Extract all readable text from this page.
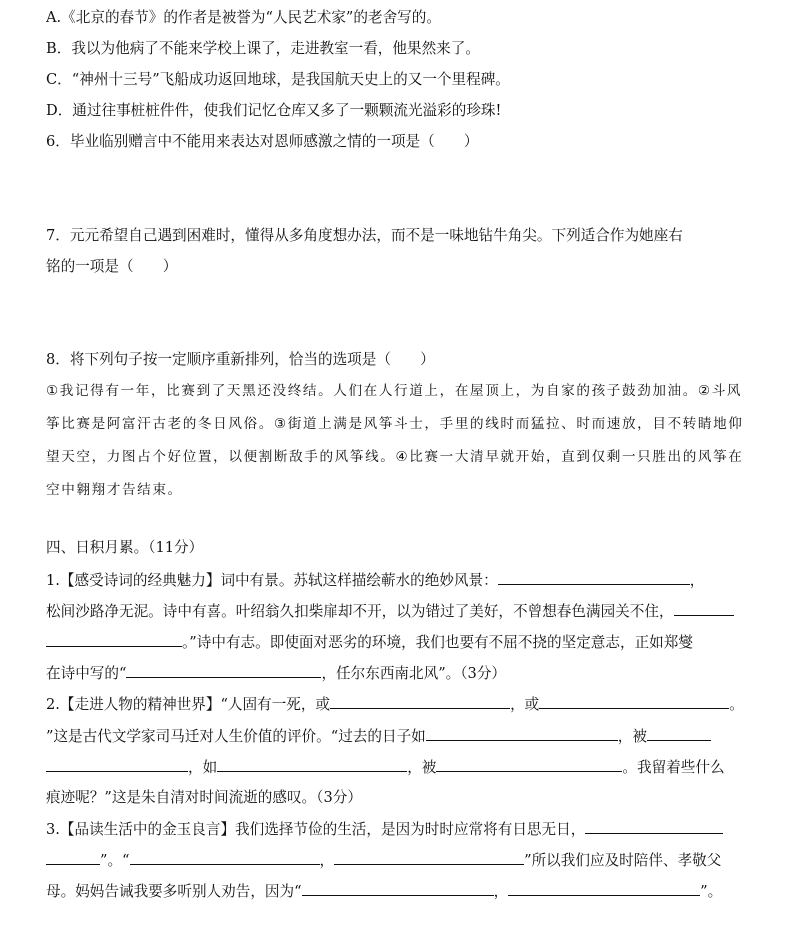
A.《北京的春节》的作者是被誉为“人民艺术家”的老舍写的。
B．我以为他病了不能来学校上课了，走进教室一看，他果然来了。
C．“神州十三号”飞船成功返回地球，是我国航天史上的又一个里程碑。
D．通过往事桩桩件件，使我们记忆仓库又多了一颗颗流光溢彩的珍珠!
6．毕业临别赠言中不能用来表达对恩师感激之情的一项是（　　）
7．元元希望自己遇到困难时，懂得从多角度想办法，而不是一味地钻牛角尖。下列适合作为她座右
铭的一项是（　　）
8．将下列句子按一定顺序重新排列，恰当的选项是（　　）
①我记得有一年，比赛到了天黑还没终结。人们在人行道上，在屋顶上，为自家的孩子鼓劲加油。②斗风筝比赛是阿富汗古老的冬日风俗。③街道上满是风筝斗士，手里的线时而猛拉、时而速放，目不转睛地仰望天空，力图占个好位置，以便割断敌手的风筝线。④比赛一大清早就开始，直到仅剩一只胜出的风筝在空中翱翔才告结束。
四、日积月累。（11分）
1.【感受诗词的经典魅力】词中有景。苏轼这样描绘蕲水的绝妙风景：	，
松间沙路净无泥。诗中有喜。叶绍翁久扣柴扉却不开，以为错过了美好，不曾想春色满园关不住，
。”诗中有志。即使面对恶劣的环境，我们也要有不屈不挠的坚定意志，正如郑燮
在诗中写的“	，任尔东西南北风”。（3分）
2.【走进人物的精神世界】“人固有一死，或	，或	。
”这是古代文学家司马迁对人生价值的评价。“过去的日子如	，被
，如	，被	。我留着些什么
痕迹呢？”这是朱自清对时间流逝的感叹。（3分）
3.【品读生活中的金玉良言】我们选择节俭的生活，是因为时时应常将有日思无日，
”。“	，	”所以我们应及时陪伴、孝敬父
母。妈妈告诫我要多听别人劝告，因为“	，	”。
